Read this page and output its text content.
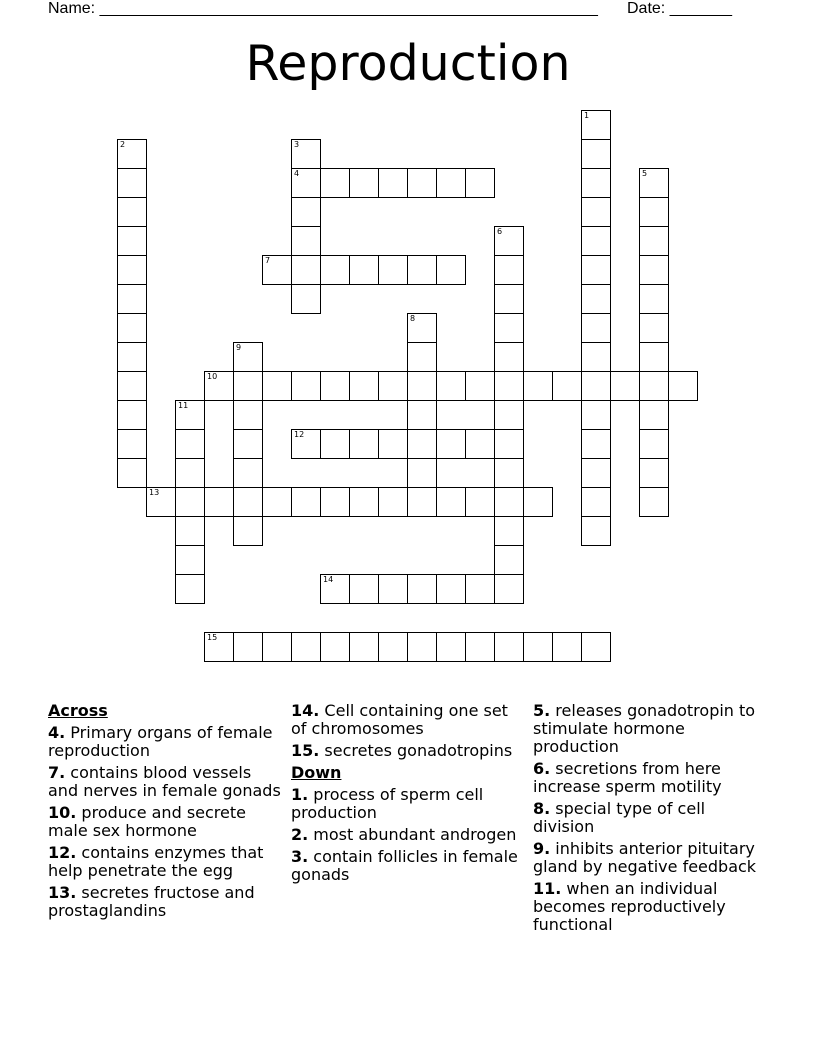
Name: ________________________________________________________ Date: _______
Reproduction
1
2	3
4	5
6
7
8
9
10
11
12
13
14
15
Across
4. Primary organs of female reproduction
7. contains blood vessels and nerves in female gonads
10. produce and secrete male sex hormone
12. contains enzymes that help penetrate the egg
13. secretes fructose and prostaglandins
14. Cell containing one set of chromosomes
15. secretes gonadotropins
Down
1. process of sperm cell production
2. most abundant androgen
3. contain follicles in female gonads
5. releases gonadotropin to stimulate hormone production
6. secretions from here increase sperm motility
8. special type of cell division
9. inhibits anterior pituitary gland by negative feedback
11. when an individual becomes reproductively functional
